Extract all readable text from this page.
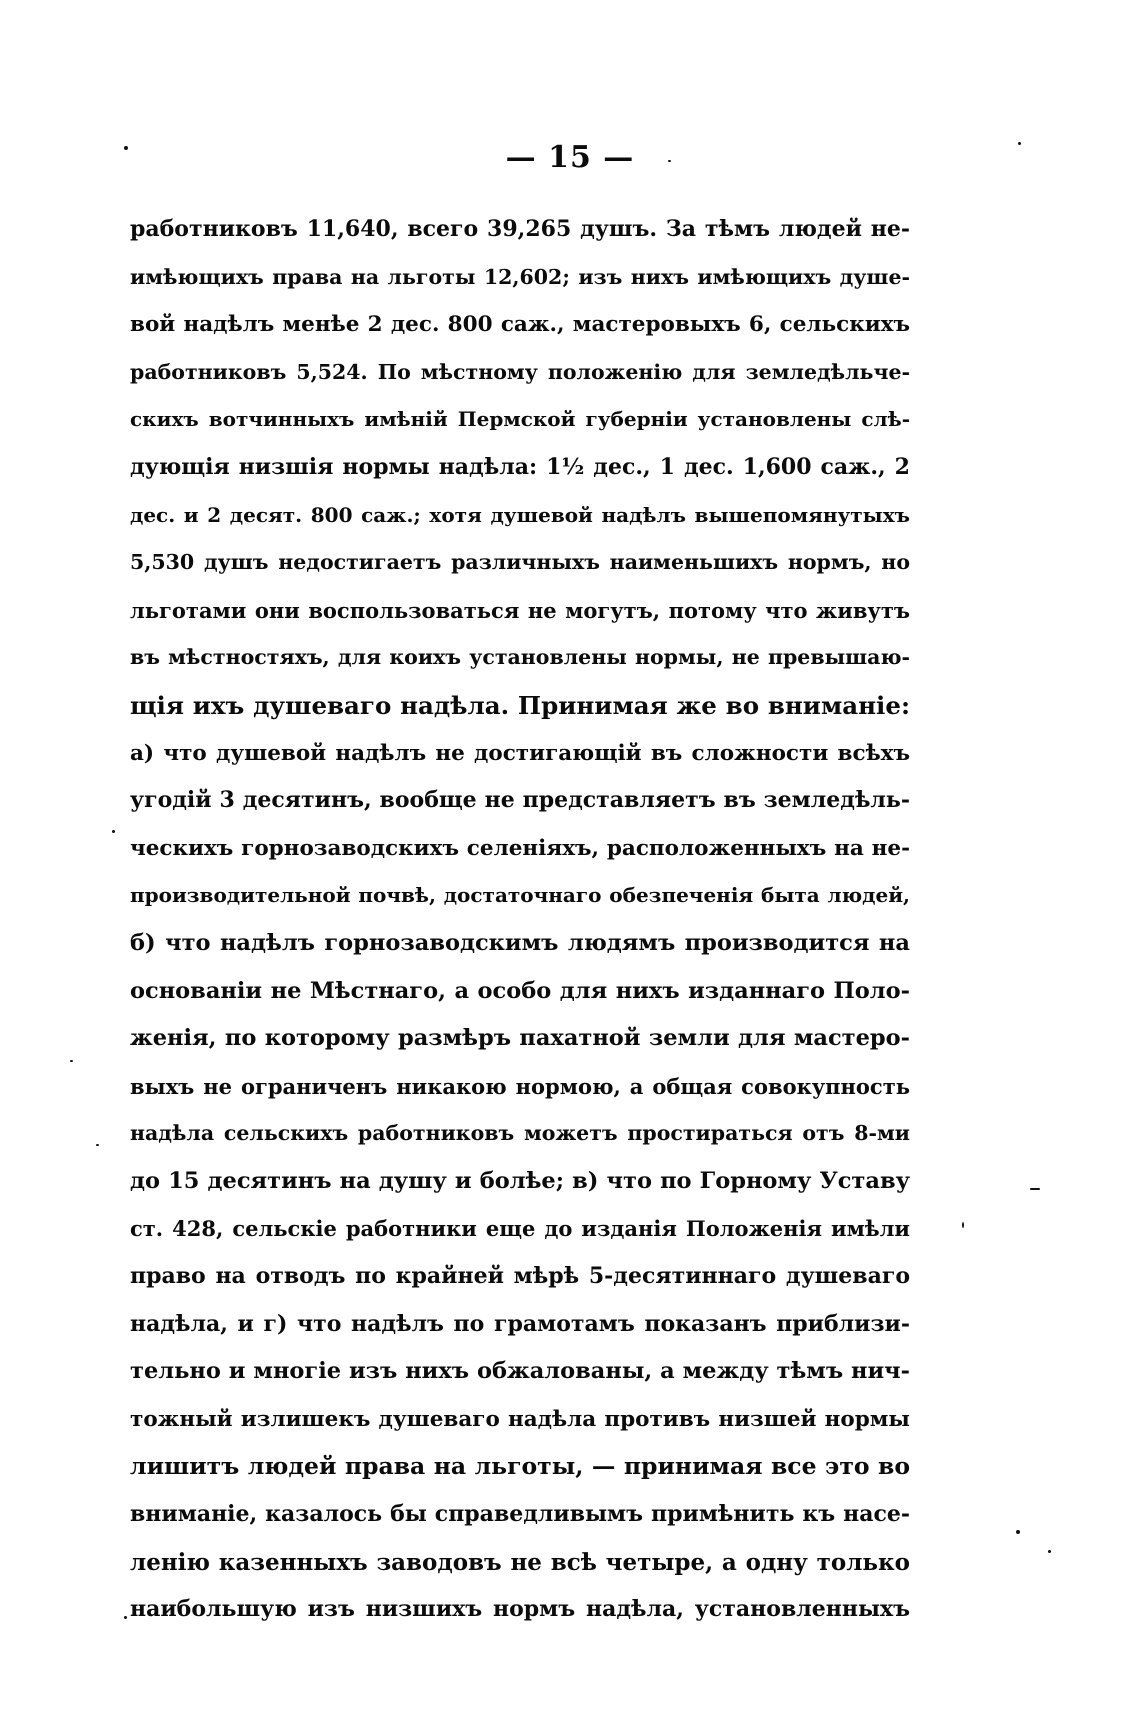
— 15 —
работниковъ 11,640, всего 39,265 душъ. За тѣмъ людей не-
имѣющихъ права на льготы 12,602; изъ нихъ имѣющихъ душе-
вой надѣлъ менѣе 2 дес. 800 саж., мастеровыхъ 6, сельскихъ
работниковъ 5,524. По мѣстному положенію для земледѣльче-
скихъ вотчинныхъ имѣній Пермской губерніи установлены слѣ-
дующія низшія нормы надѣла: 1½ дес., 1 дес. 1,600 саж., 2
дес. и 2 десят. 800 саж.; хотя душевой надѣлъ вышепомянутыхъ
5,530 душъ недостигаетъ различныхъ наименьшихъ нормъ, но
льготами они воспользоваться не могутъ, потому что живутъ
въ мѣстностяхъ, для коихъ установлены нормы, не превышаю-
щія ихъ душеваго надѣла. Принимая же во вниманіе:
а) что душевой надѣлъ не достигающій въ сложности всѣхъ
угодій 3 десятинъ, вообще не представляетъ въ земледѣль-
ческихъ горнозаводскихъ селеніяхъ, расположенныхъ на не-
производительной почвѣ, достаточнаго обезпеченія быта людей,
б) что надѣлъ горнозаводскимъ людямъ производится на
основаніи не Мѣстнаго, а особо для нихъ изданнаго Поло-
женія, по которому размѣръ пахатной земли для мастеро-
выхъ не ограниченъ никакою нормою, а общая совокупность
надѣла сельскихъ работниковъ можетъ простираться отъ 8-ми
до 15 десятинъ на душу и болѣе; в) что по Горному Уставу
ст. 428, сельскіе работники еще до изданія Положенія имѣли
право на отводъ по крайней мѣрѣ 5-десятиннаго душеваго
надѣла, и г) что надѣлъ по грамотамъ показанъ приблизи-
тельно и многіе изъ нихъ обжалованы, а между тѣмъ нич-
тожный излишекъ душеваго надѣла противъ низшей нормы
лишитъ людей права на льготы, — принимая все это во
вниманіе, казалось бы справедливымъ примѣнить къ насе-
ленію казенныхъ заводовъ не всѣ четыре, а одну только
наибольшую изъ низшихъ нормъ надѣла, установленныхъ
